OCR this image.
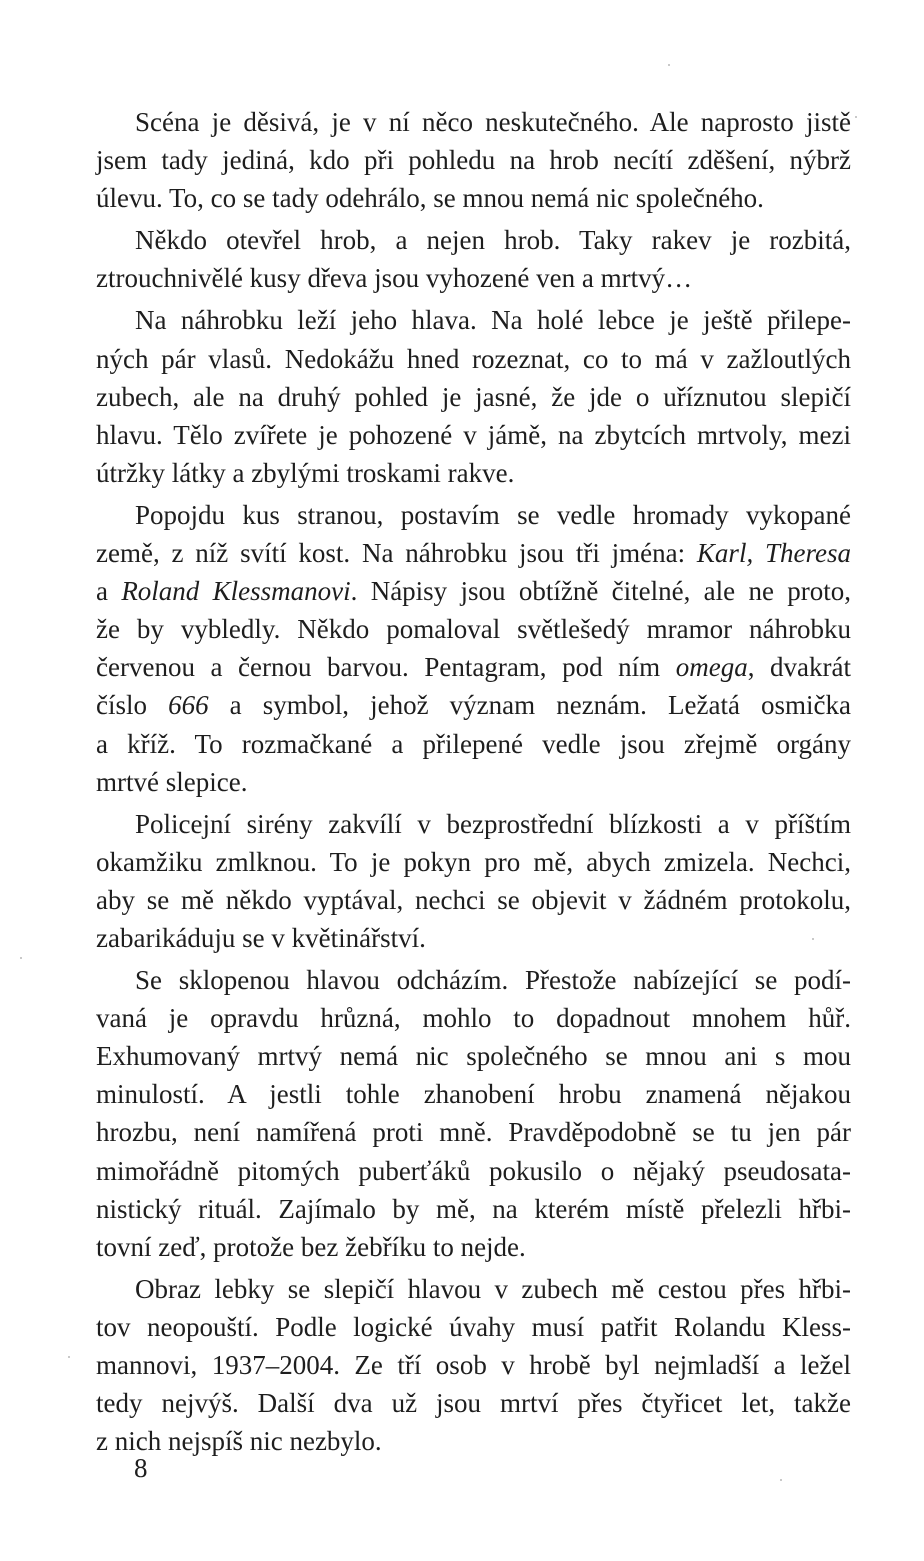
Scéna je děsivá, je v ní něco neskutečného. Ale naprosto jistě
jsem tady jediná, kdo při pohledu na hrob necítí zděšení, nýbrž
úlevu. To, co se tady odehrálo, se mnou nemá nic společného.
Někdo otevřel hrob, a nejen hrob. Taky rakev je rozbitá,
ztrouchnivělé kusy dřeva jsou vyhozené ven a mrtvý…
Na náhrobku leží jeho hlava. Na holé lebce je ještě přilepe-
ných pár vlasů. Nedokážu hned rozeznat, co to má v zažloutlých
zubech, ale na druhý pohled je jasné, že jde o uříznutou slepičí
hlavu. Tělo zvířete je pohozené v jámě, na zbytcích mrtvoly, mezi
útržky látky a zbylými troskami rakve.
Popojdu kus stranou, postavím se vedle hromady vykopané
země, z níž svítí kost. Na náhrobku jsou tři jména: Karl, Theresa
a Roland Klessmanovi. Nápisy jsou obtížně čitelné, ale ne proto,
že by vybledly. Někdo pomaloval světlešedý mramor náhrobku
červenou a černou barvou. Pentagram, pod ním omega, dvakrát
číslo 666 a symbol, jehož význam neznám. Ležatá osmička
a kříž. To rozmačkané a přilepené vedle jsou zřejmě orgány
mrtvé slepice.
Policejní sirény zakvílí v bezprostřední blízkosti a v příštím
okamžiku zmlknou. To je pokyn pro mě, abych zmizela. Nechci,
aby se mě někdo vyptával, nechci se objevit v žádném protokolu,
zabarikáduju se v květinářství.
Se sklopenou hlavou odcházím. Přestože nabízející se podí-
vaná je opravdu hrůzná, mohlo to dopadnout mnohem hůř.
Exhumovaný mrtvý nemá nic společného se mnou ani s mou
minulostí. A jestli tohle zhanobení hrobu znamená nějakou
hrozbu, není namířená proti mně. Pravděpodobně se tu jen pár
mimořádně pitomých puberťáků pokusilo o nějaký pseudosata-
nistický rituál. Zajímalo by mě, na kterém místě přelezli hřbi-
tovní zeď, protože bez žebříku to nejde.
Obraz lebky se slepičí hlavou v zubech mě cestou přes hřbi-
tov neopouští. Podle logické úvahy musí patřit Rolandu Kless-
mannovi, 1937–2004. Ze tří osob v hrobě byl nejmladší a ležel
tedy nejvýš. Další dva už jsou mrtví přes čtyřicet let, takže
z nich nejspíš nic nezbylo.
8
